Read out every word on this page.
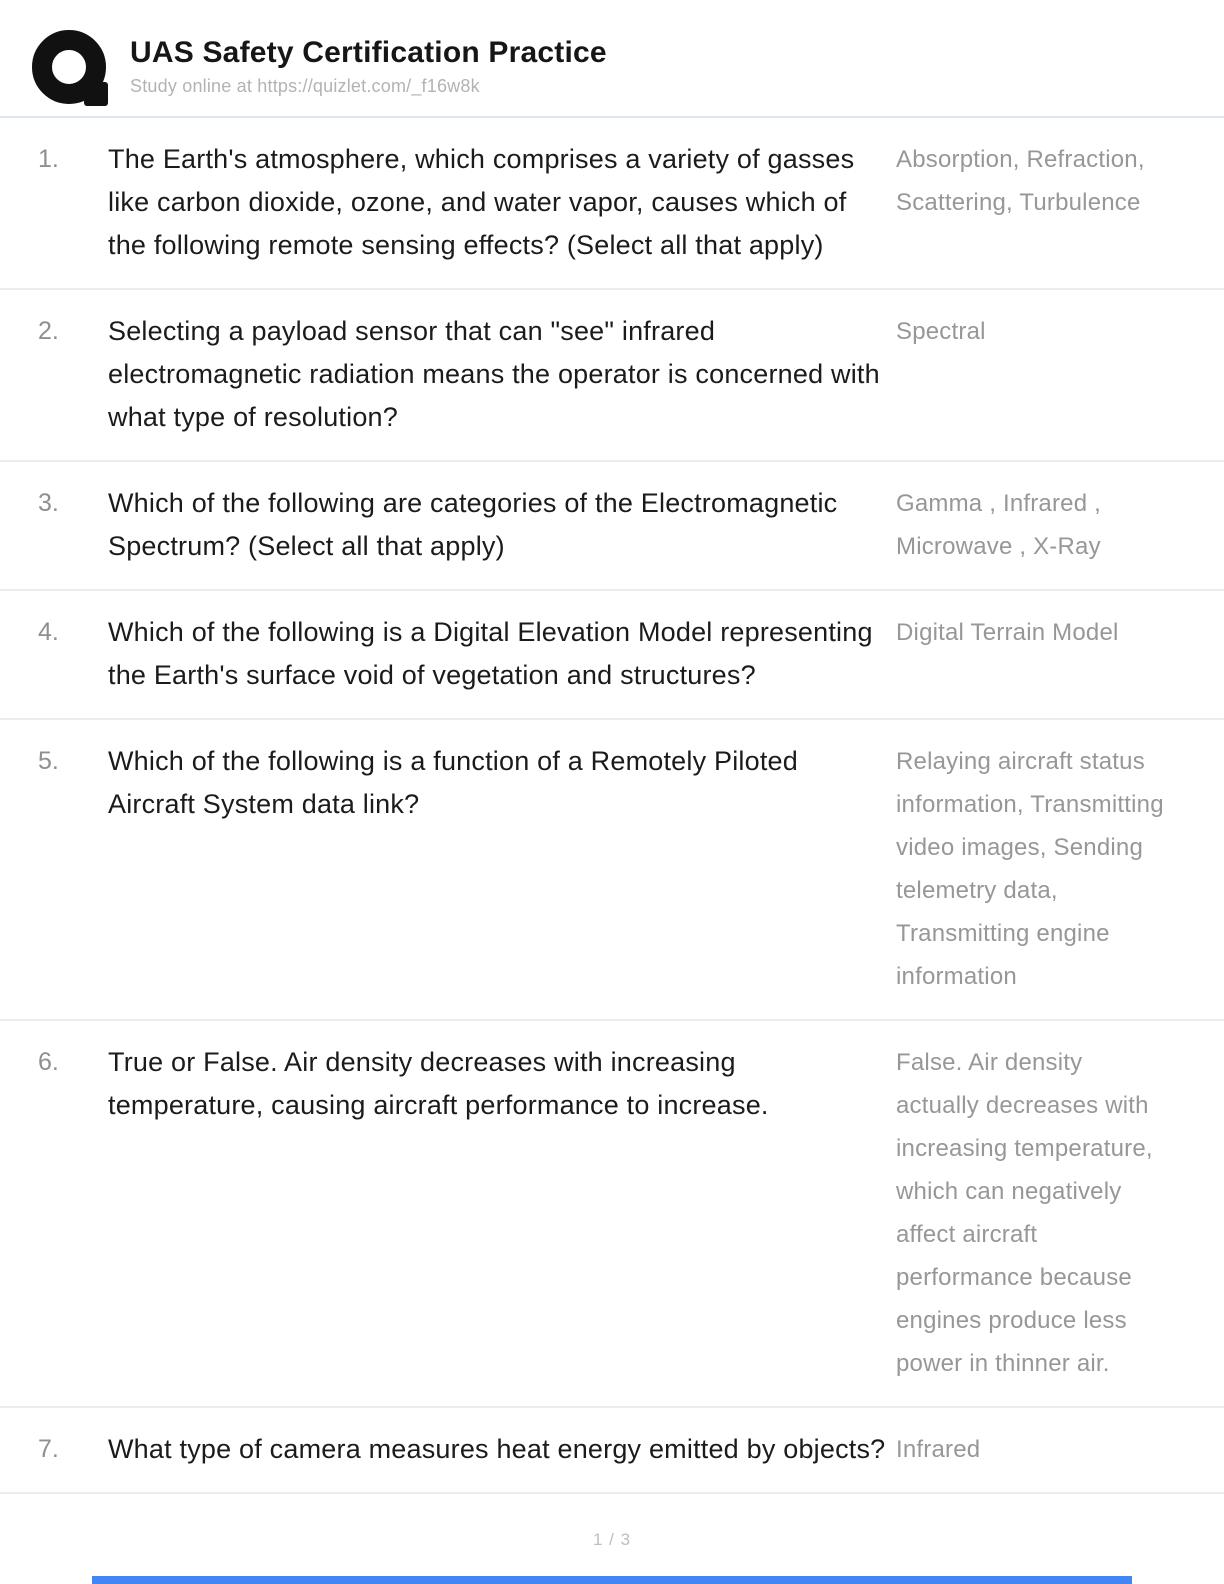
UAS Safety Certification Practice
Study online at https://quizlet.com/_f16w8k
1.	The Earth's atmosphere, which comprises a variety of gasses like carbon dioxide, ozone, and water vapor, causes which of the following remote sensing effects? (Select all that apply)
Absorption, Refraction, Scattering, Turbulence
2.	Selecting a payload sensor that can "see" infrared electromagnetic radiation means the operator is concerned with what type of resolution?
Spectral
3.	Which of the following are categories of the Electromagnetic Spectrum? (Select all that apply)
Gamma , Infrared , Microwave , X-Ray
4.	Which of the following is a Digital Elevation Model representing the Earth's surface void of vegetation and structures?
Digital Terrain Model
5.	Which of the following is a function of a Remotely Piloted Aircraft System data link?
Relaying aircraft status information, Transmitting video images, Sending telemetry data, Transmitting engine information
6.	True or False. Air density decreases with increasing temperature, causing aircraft performance to increase.
False. Air density actually decreases with increasing temperature, which can negatively affect aircraft performance because engines produce less power in thinner air.
7.	What type of camera measures heat energy emitted by objects? Infrared
1 / 3
